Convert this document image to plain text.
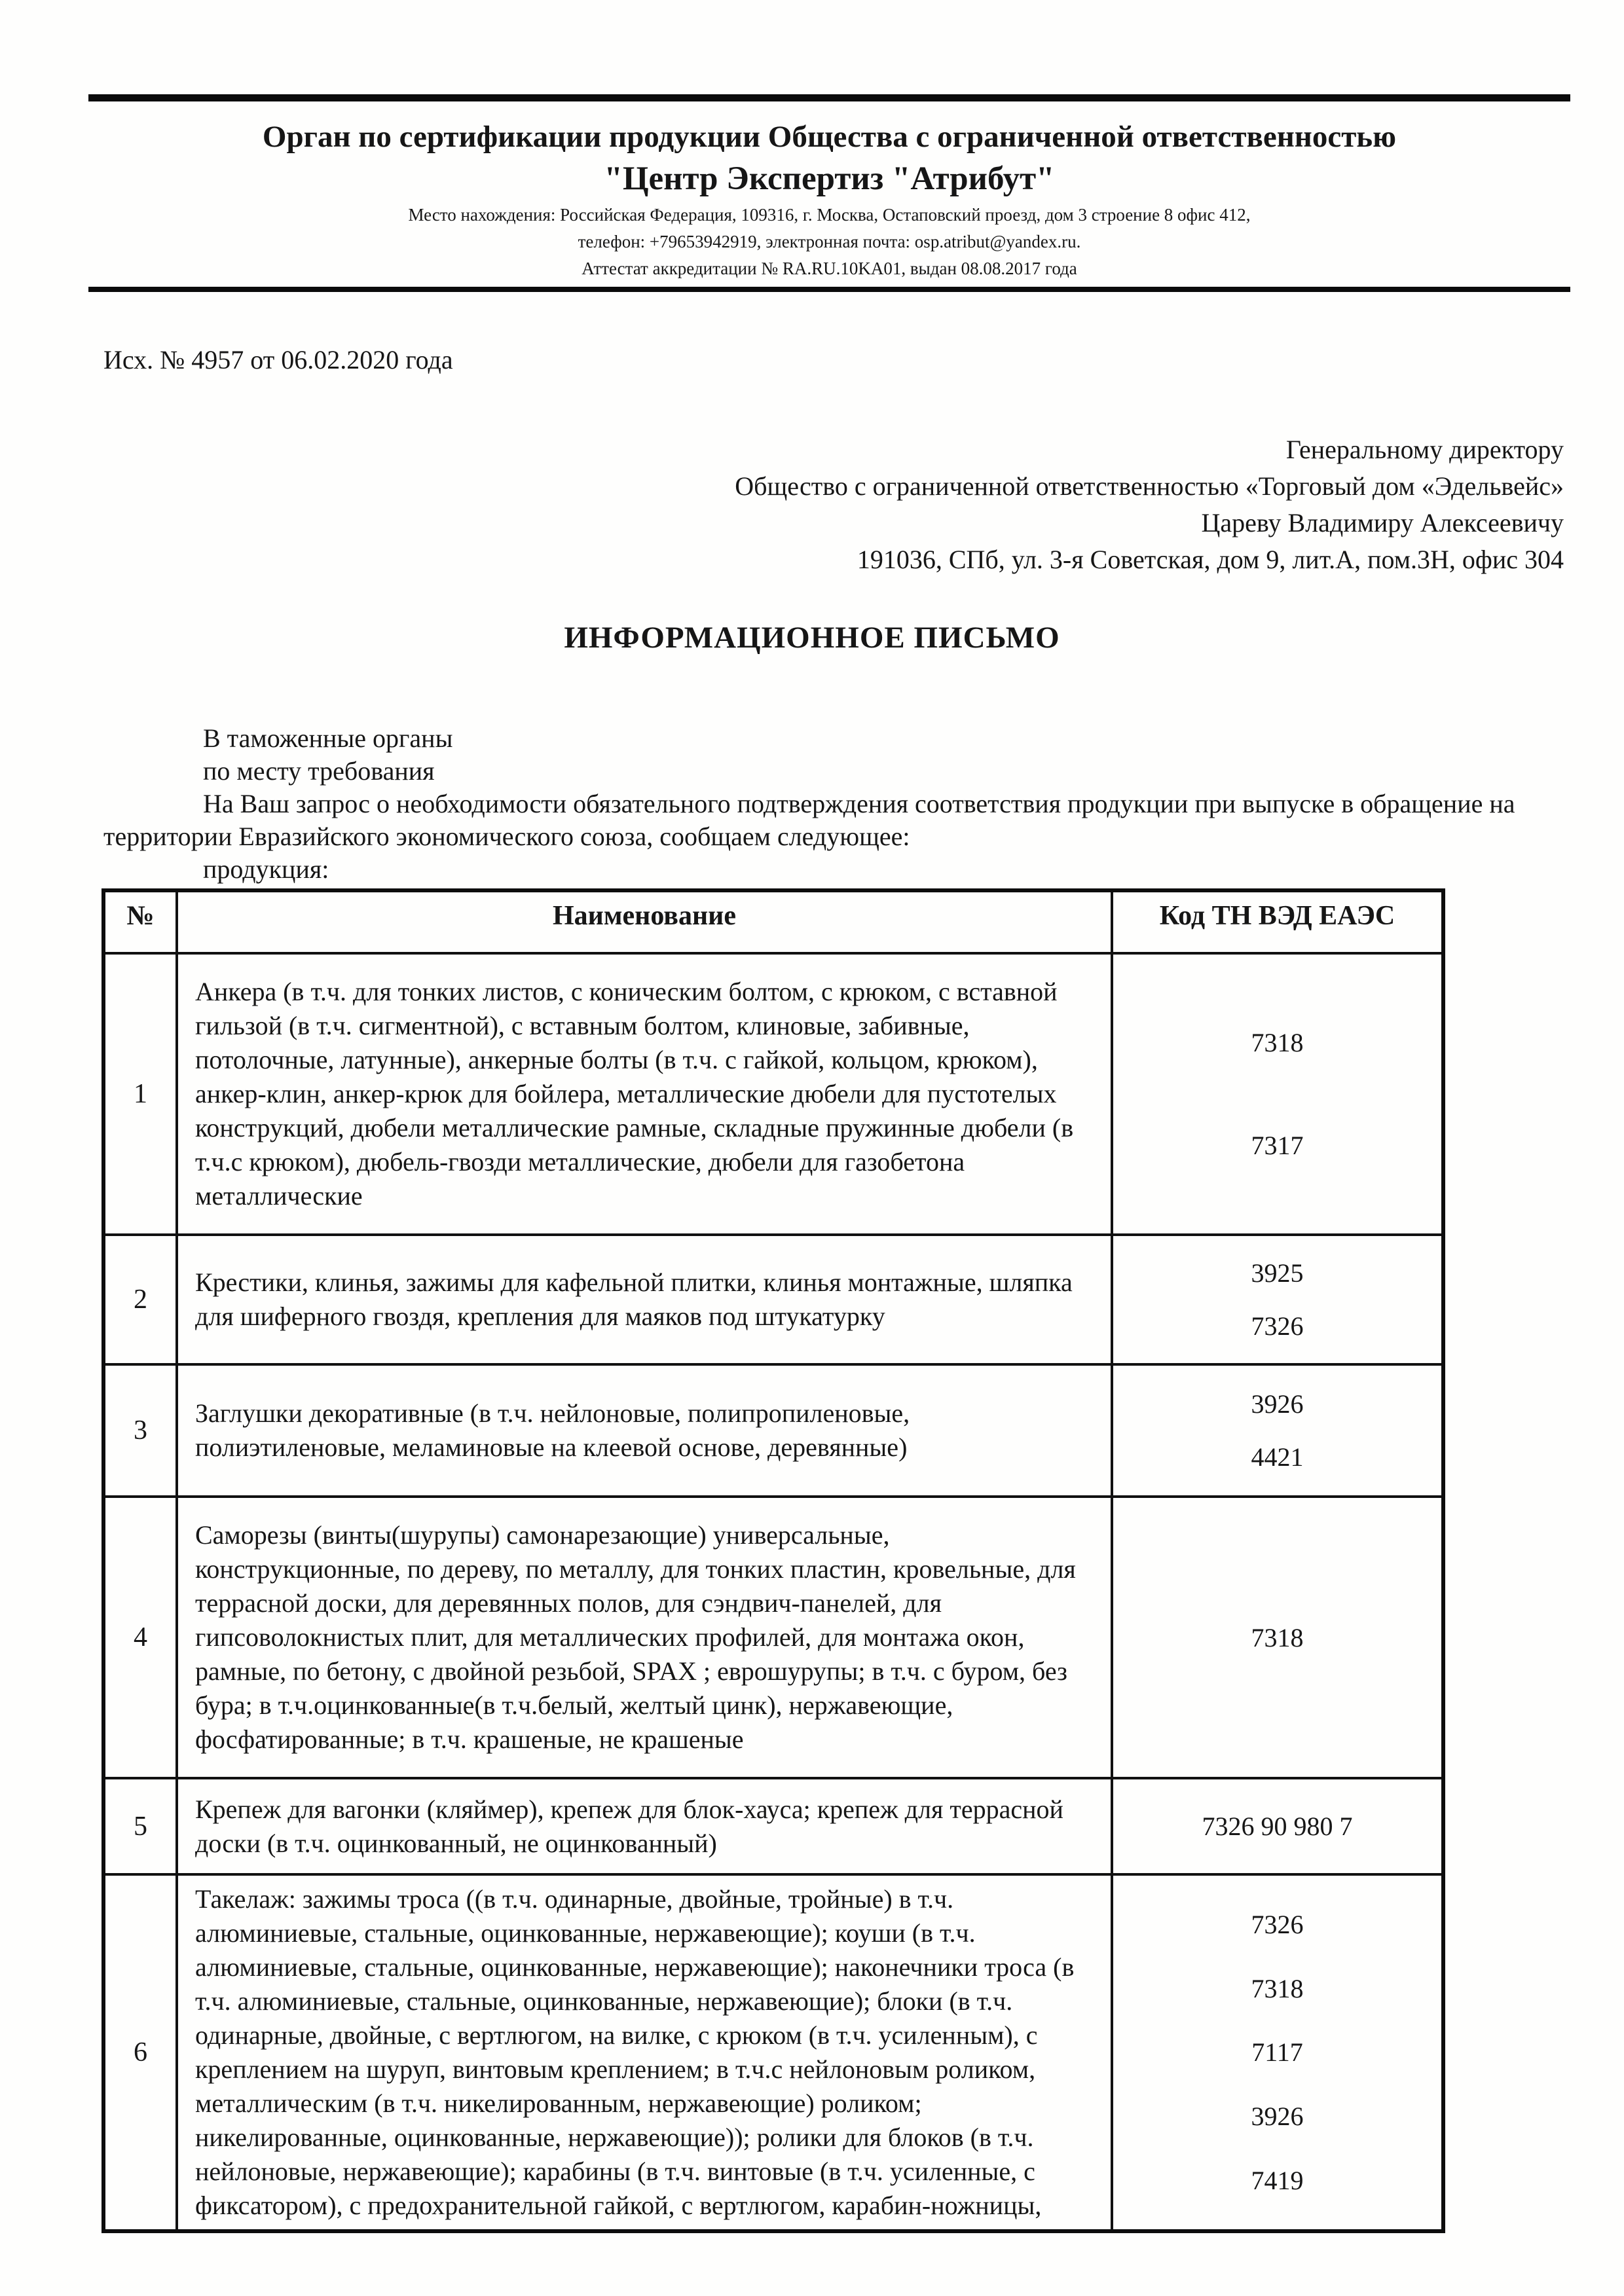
Орган по сертификации продукции Общества с ограниченной ответственностью
"Центр Экспертиз "Атрибут"
Место нахождения: Российская Федерация, 109316, г. Москва, Остаповский проезд, дом 3 строение 8 офис 412,
телефон: +79653942919, электронная почта: osp.atribut@yandex.ru.
Аттестат аккредитации № RA.RU.10KA01, выдан 08.08.2017 года
Исх. № 4957 от 06.02.2020 года
Генеральному директору
Общество с ограниченной ответственностью «Торговый дом «Эдельвейс»
Цареву Владимиру Алексеевичу
191036, СПб, ул. 3-я Советская, дом 9, лит.А, пом.3Н, офис 304
ИНФОРМАЦИОННОЕ ПИСЬМО

В таможенные органы

по месту требования

На Ваш запрос о необходимости обязательного подтверждения соответствия продукции при выпуске в обращение на территории Евразийского экономического союза, сообщаем следующее:

продукция:

№	Наименование	Код ТН ВЭД ЕАЭС
1	Анкера (в т.ч. для тонких листов, с коническим болтом, с крюком, с вставной гильзой (в т.ч. сигментной), с вставным болтом, клиновые, забивные, потолочные, латунные), анкерные болты (в т.ч. с гайкой, кольцом, крюком), анкер-клин, анкер-крюк для бойлера, металлические дюбели для пустотелых конструкций, дюбели металлические рамные, складные пружинные дюбели (в т.ч.с крюком), дюбель-гвозди металлические, дюбели для газобетона металлические	7318
7317

2	Крестики, клинья, зажимы для кафельной плитки, клинья монтажные, шляпка для шиферного гвоздя, крепления для маяков под штукатурку	3925
7326

3	Заглушки декоративные (в т.ч. нейлоновые, полипропиленовые, полиэтиленовые, меламиновые на клеевой основе, деревянные)	3926
4421

4	Саморезы (винты(шурупы) самонарезающие) универсальные, конструкционные, по дереву, по металлу, для тонких пластин, кровельные, для террасной доски, для деревянных полов, для сэндвич-панелей, для гипсоволокнистых плит, для металлических профилей, для монтажа окон, рамные, по бетону, с двойной резьбой, SPAX ; еврошурупы; в т.ч. с буром, без бура; в т.ч.оцинкованные(в т.ч.белый, желтый цинк), нержавеющие, фосфатированные; в т.ч. крашеные, не крашеные	7318

5	Крепеж для вагонки (кляймер), крепеж для блок-хауса; крепеж для террасной доски (в т.ч. оцинкованный, не оцинкованный)	7326 90 980 7

6	Такелаж: зажимы троса ((в т.ч. одинарные, двойные, тройные) в т.ч. алюминиевые, стальные, оцинкованные, нержавеющие); коуши (в т.ч. алюминиевые, стальные, оцинкованные, нержавеющие); наконечники троса (в т.ч. алюминиевые, стальные, оцинкованные, нержавеющие); блоки (в т.ч. одинарные, двойные, с вертлюгом, на вилке, с крюком (в т.ч. усиленным), с креплением на шуруп, винтовым креплением; в т.ч.с нейлоновым роликом, металлическим (в т.ч. никелированным, нержавеющие) роликом; никелированные, оцинкованные, нержавеющие)); ролики для блоков (в т.ч. нейлоновые, нержавеющие); карабины (в т.ч. винтовые (в т.ч. усиленные, с фиксатором), с предохранительной гайкой, с вертлюгом, карабин-ножницы,	
7326
7318
7117
3926
7419
